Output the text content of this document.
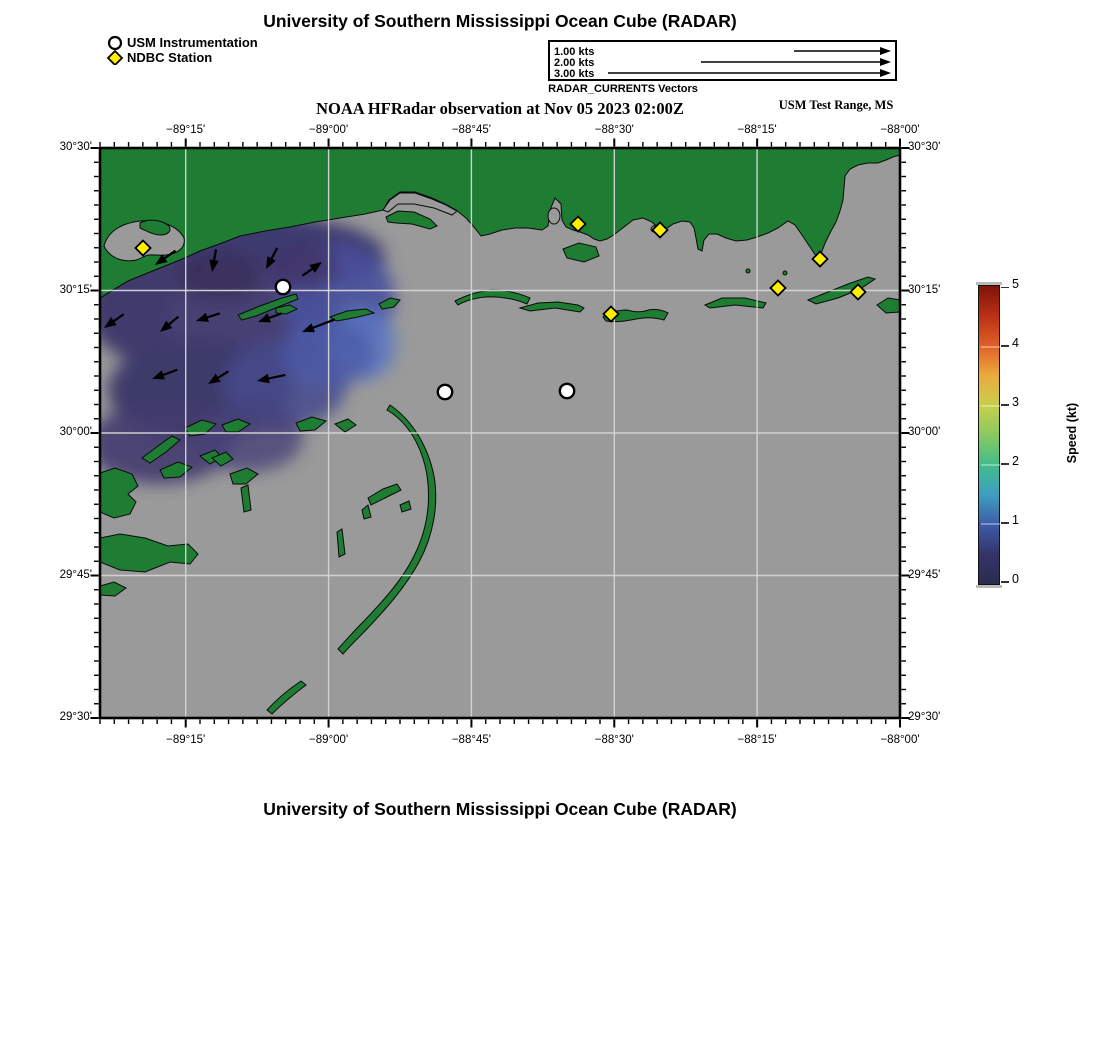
University of Southern Mississippi Ocean Cube (RADAR)
USM Instrumentation
NDBC Station	1.00 kts
2.00 kts
3.00 kts
RADAR_CURRENTS Vectors
NOAA HFRadar observation at Nov 05 2023 02:00Z	USM Test Range, MS
Speed (kt)
University of Southern Mississippi Ocean Cube (RADAR)
−89°15'
−89°15'
−89°00'
−89°00'
−88°45'
−88°45'
−88°30'
−88°30'
−88°15'
−88°15'
−88°00'
−88°00'
30°30'	30°30'
30°15'	30°15'
30°00'	30°00'
29°45'	29°45'
29°30'	29°30'
0
1
2
3
4
5
